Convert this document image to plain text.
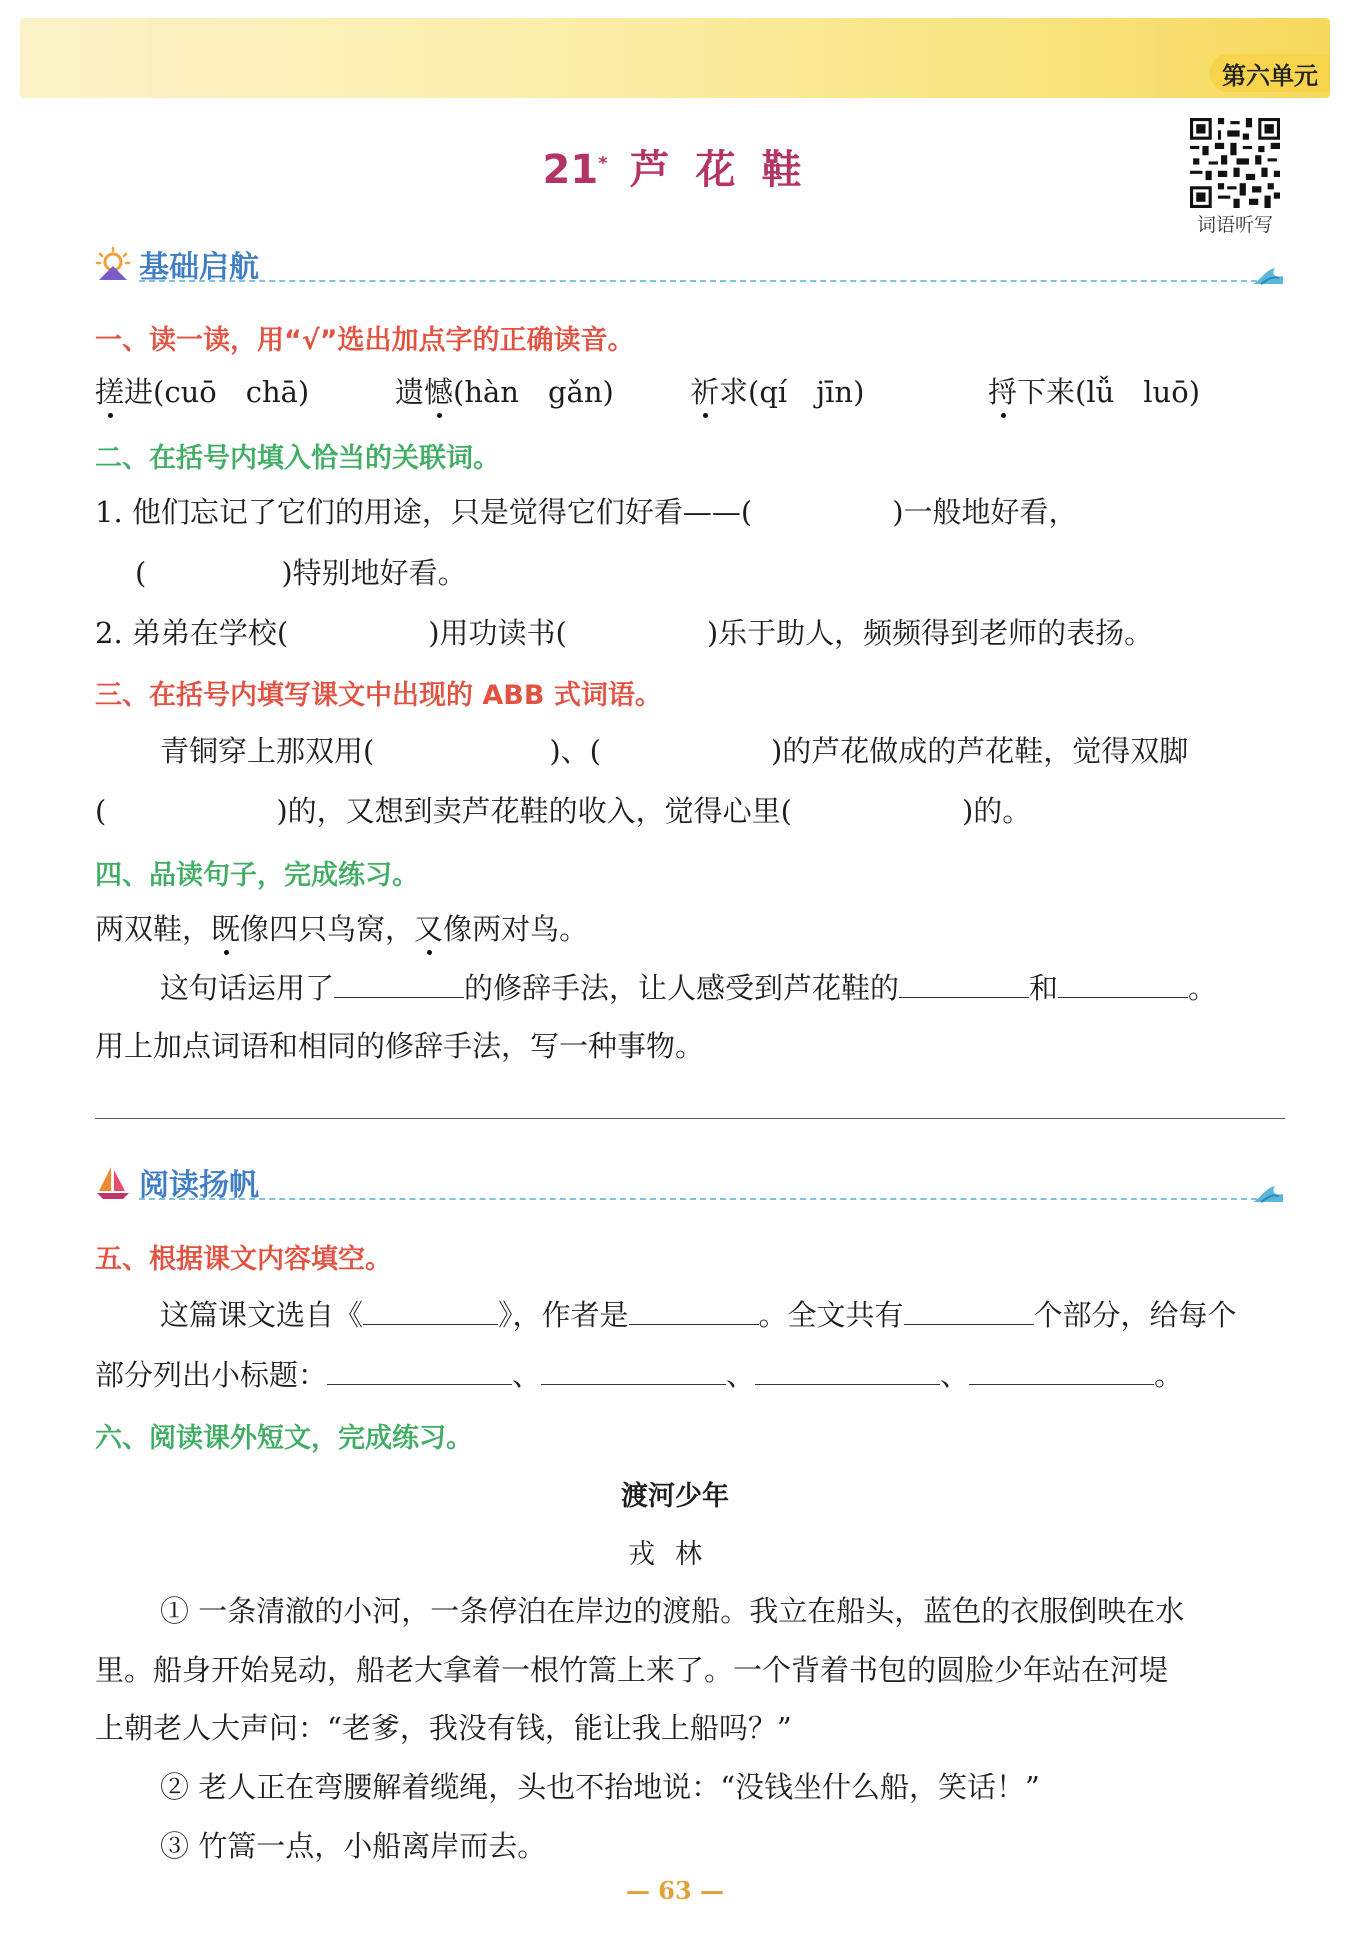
第六单元
21* 芦 花 鞋
词语听写
基础启航
一、读一读，用“√”选出加点字的正确读音。
搓进(cuō　chā)	遗憾(hàn　gǎn)	祈求(qí　jīn)	捋下来(lǚ　luō)
二、在括号内填入恰当的关联词。
1. 他们忘记了它们的用途，只是觉得它们好看——(	)一般地好看，
(	)特别地好看。
2. 弟弟在学校(	)用功读书(	)乐于助人，频频得到老师的表扬。
三、在括号内填写课文中出现的 ABB 式词语。
青铜穿上那双用(	)、(	)的芦花做成的芦花鞋，觉得双脚
(	)的，又想到卖芦花鞋的收入，觉得心里(	)的。
四、品读句子，完成练习。
两双鞋，既像四只鸟窝，又像两对鸟。
这句话运用了	的修辞手法，让人感受到芦花鞋的	和	。
用上加点词语和相同的修辞手法，写一种事物。
阅读扬帆
五、根据课文内容填空。
这篇课文选自《	》，作者是	。全文共有	个部分，给每个
部分列出小标题：	、	、	、	。
六、阅读课外短文，完成练习。
渡河少年
戎林
① 一条清澈的小河，一条停泊在岸边的渡船。我立在船头，蓝色的衣服倒映在水
里。船身开始晃动，船老大拿着一根竹篙上来了。一个背着书包的圆脸少年站在河堤
上朝老人大声问：“老爹，我没有钱，能让我上船吗？”
② 老人正在弯腰解着缆绳，头也不抬地说：“没钱坐什么船，笑话！”
③ 竹篙一点，小船离岸而去。
— 63 —
